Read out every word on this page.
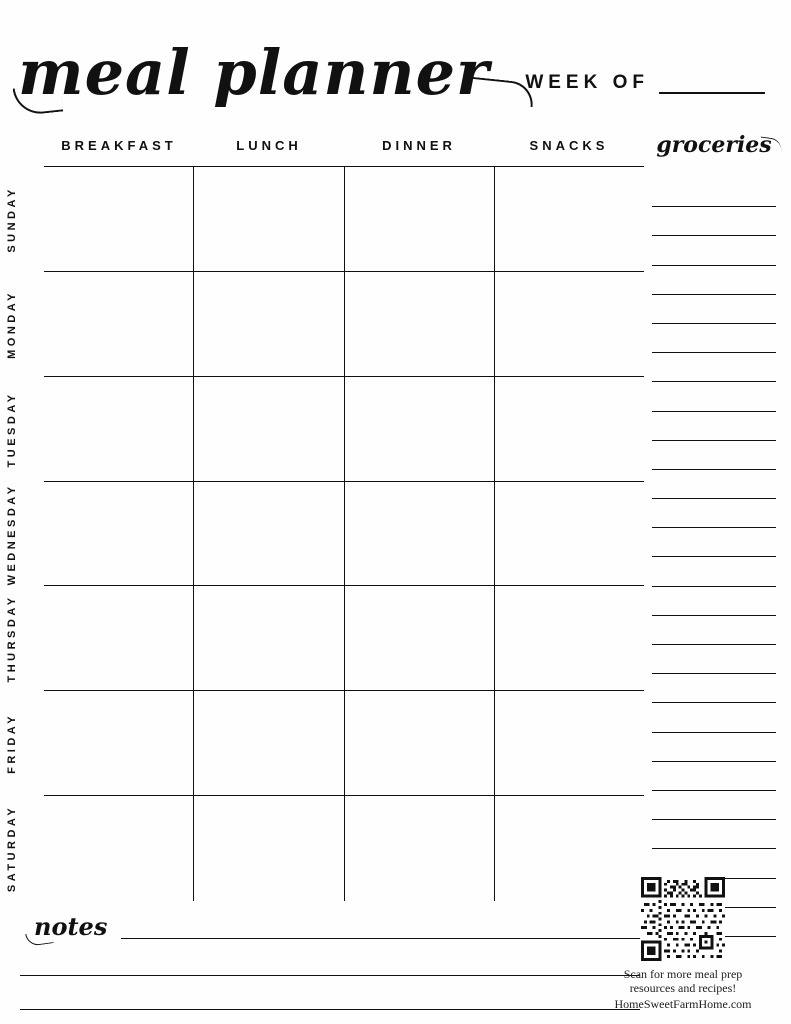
meal planner	WEEK OF
BREAKFAST	LUNCH	DINNER	SNACKS
SUNDAY
MONDAY
TUESDAY
WEDNESDAY
THURSDAY
FRIDAY
SATURDAY
groceries
notes
Scan for more meal prep
resources and recipes!
HomeSweetFarmHome.com
